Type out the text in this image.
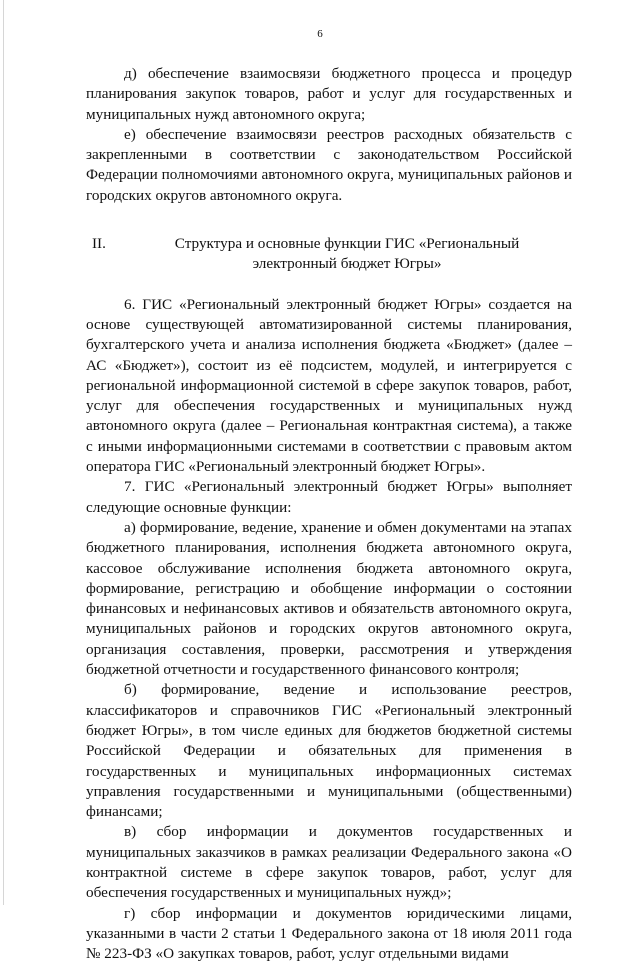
6

д) обеспечение взаимосвязи бюджетного процесса и процедур планирования закупок товаров, работ и услуг для государственных и муниципальных нужд автономного округа;

е) обеспечение взаимосвязи реестров расходных обязательств с закрепленными в соответствии с законодательством Российской Федерации полномочиями автономного округа, муниципальных районов и городских округов автономного округа.

II.	Структура и основные функции ГИС «Региональный электронный бюджет Югры»

6. ГИС «Региональный электронный бюджет Югры» создается на основе существующей автоматизированной системы планирования, бухгалтерского учета и анализа исполнения бюджета «Бюджет» (далее – АС «Бюджет»), состоит из её подсистем, модулей, и интегрируется с региональной информационной системой в сфере закупок товаров, работ, услуг для обеспечения государственных и муниципальных нужд автономного округа (далее – Региональная контрактная система), а также с иными информационными системами в соответствии с правовым актом оператора ГИС «Региональный электронный бюджет Югры».

7. ГИС «Региональный электронный бюджет Югры» выполняет следующие основные функции:

а) формирование, ведение, хранение и обмен документами на этапах бюджетного планирования, исполнения бюджета автономного округа, кассовое обслуживание исполнения бюджета автономного округа, формирование, регистрацию и обобщение информации о состоянии финансовых и нефинансовых активов и обязательств автономного округа, муниципальных районов и городских округов автономного округа, организация составления, проверки, рассмотрения и утверждения бюджетной отчетности и государственного финансового контроля;

б) формирование, ведение и использование реестров, классификаторов и справочников ГИС «Региональный электронный бюджет Югры», в том числе единых для бюджетов бюджетной системы Российской Федерации и обязательных для применения в государственных и муниципальных информационных системах управления государственными и муниципальными (общественными) финансами;

в) сбор информации и документов государственных и муниципальных заказчиков в рамках реализации Федерального закона «О контрактной системе в сфере закупок товаров, работ, услуг для обеспечения государственных и муниципальных нужд»;

г) сбор информации и документов юридическими лицами, указанными в части 2 статьи 1 Федерального закона от 18 июля 2011 года № 223-ФЗ «О закупках товаров, работ, услуг отдельными видами
